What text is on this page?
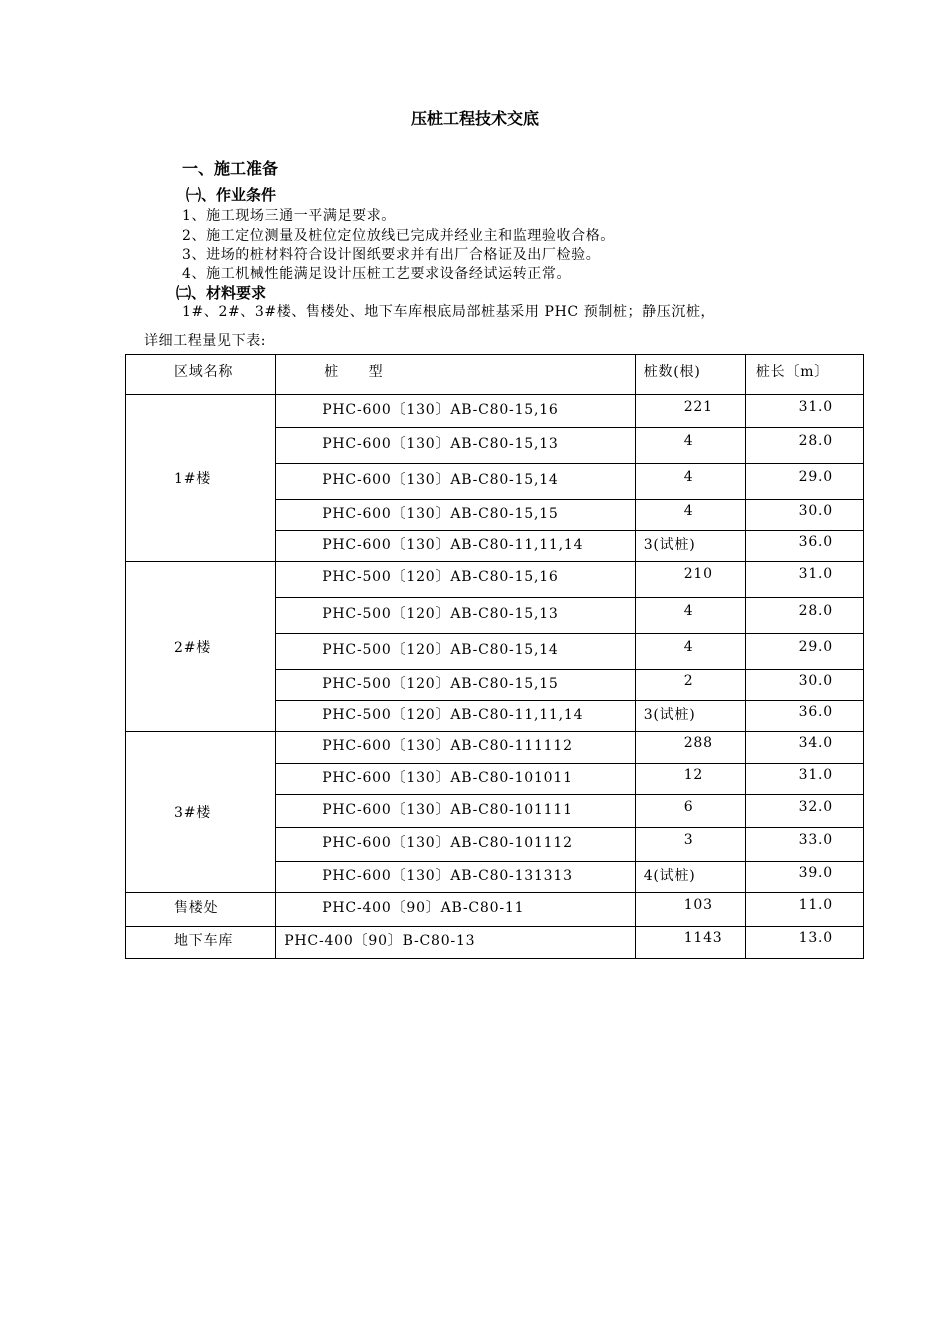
压桩工程技术交底
一、施工准备
㈠、作业条件
1、施工现场三通一平满足要求。
2、施工定位测量及桩位定位放线已完成并经业主和监理验收合格。
3、进场的桩材料符合设计图纸要求并有出厂合格证及出厂检验。
4、施工机械性能满足设计压桩工艺要求设备经试运转正常。
㈡、材料要求
1#、2#、3#楼、售楼处、地下车库根底局部桩基采用 PHC 预制桩；静压沉桩，
详细工程量见下表:
区域名称	桩　　型	桩数(根)	桩长〔m〕
1#楼	PHC-600〔130〕AB-C80-15,16	221	31.0
	PHC-600〔130〕AB-C80-15,13	4	28.0
	PHC-600〔130〕AB-C80-15,14	4	29.0
	PHC-600〔130〕AB-C80-15,15	4	30.0
	PHC-600〔130〕AB-C80-11,11,14	3(试桩)	36.0
2#楼	PHC-500〔120〕AB-C80-15,16	210	31.0
	PHC-500〔120〕AB-C80-15,13	4	28.0
	PHC-500〔120〕AB-C80-15,14	4	29.0
	PHC-500〔120〕AB-C80-15,15	2	30.0
	PHC-500〔120〕AB-C80-11,11,14	3(试桩)	36.0
3#楼	PHC-600〔130〕AB-C80-111112	288	34.0
	PHC-600〔130〕AB-C80-101011	12	31.0
	PHC-600〔130〕AB-C80-101111	6	32.0
	PHC-600〔130〕AB-C80-101112	3	33.0
	PHC-600〔130〕AB-C80-131313	4(试桩)	39.0
售楼处	PHC-400〔90〕AB-C80-11	103	11.0
地下车库	PHC-400〔90〕B-C80-13	1143	13.0
